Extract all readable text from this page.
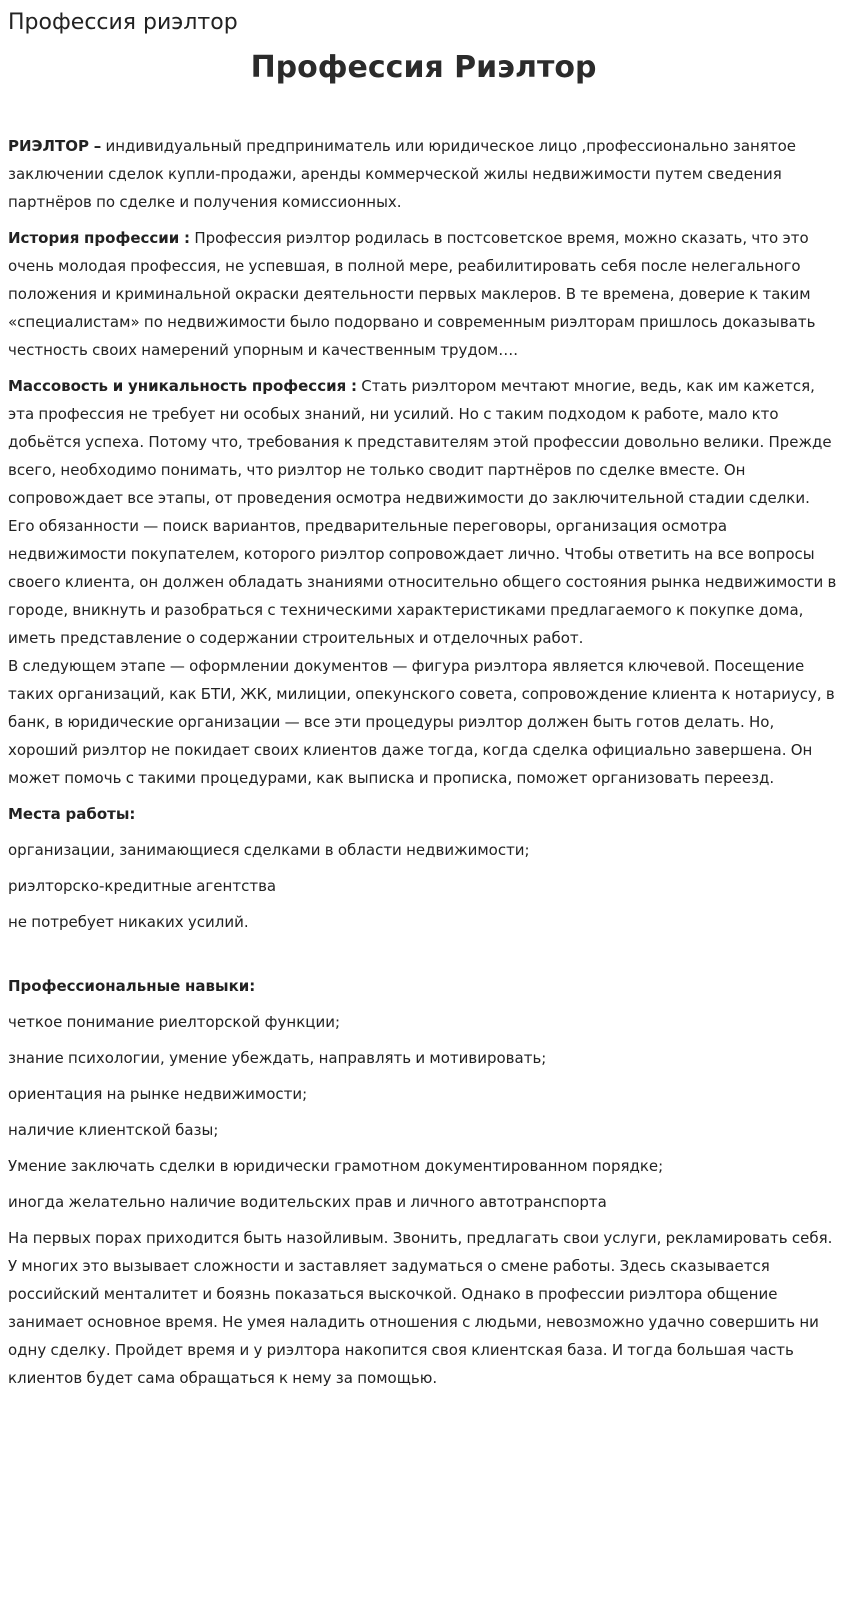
Профессия риэлтор
Профессия Риэлтор

РИЭЛТОР – индивидуальный предприниматель или юридическое лицо ,профессионально занятое заключении сделок купли-продажи, аренды коммерческой жилы недвижимости путем сведения партнёров по сделке и получения комиссионных.

История профессии : Профессия риэлтор родилась в постсоветское время, можно сказать, что это очень молодая профессия, не успевшая, в полной мере, реабилитировать себя после нелегального положения и криминальной окраски деятельности первых маклеров. В те времена, доверие к таким «специалистам» по недвижимости было подорвано и современным риэлторам пришлось доказывать честность своих намерений упорным и качественным трудом….

Массовость и уникальность профессия : Стать риэлтором мечтают многие, ведь, как им кажется, эта профессия не требует ни особых знаний, ни усилий. Но с таким подходом к работе, мало кто добьётся успеха. Потому что, требования к представителям этой профессии довольно велики. Прежде всего, необходимо понимать, что риэлтор не только сводит партнёров по сделке вместе. Он сопровождает все этапы, от проведения осмотра недвижимости до заключительной стадии сделки. Его обязанности — поиск вариантов, предварительные переговоры, организация осмотра недвижимости покупателем, которого риэлтор сопровождает лично. Чтобы ответить на все вопросы своего клиента, он должен обладать знаниями относительно общего состояния рынка недвижимости в городе, вникнуть и разобраться с техническими характеристиками предлагаемого к покупке дома, иметь представление о содержании строительных и отделочных работ.
В следующем этапе — оформлении документов — фигура риэлтора является ключевой. Посещение таких организаций, как БТИ, ЖК, милиции, опекунского совета, сопровождение клиента к нотариусу, в банк, в юридические организации — все эти процедуры риэлтор должен быть готов делать. Но, хороший риэлтор не покидает своих клиентов даже тогда, когда сделка официально завершена. Он может помочь с такими процедурами, как выписка и прописка, поможет организовать переезд.

Места работы:

организации, занимающиеся сделками в области недвижимости;

риэлторско-кредитные агентства

не потребует никаких усилий.

Профессиональные навыки:

четкое понимание риелторской функции;

знание психологии, умение убеждать, направлять и мотивировать;

ориентация на рынке недвижимости;

наличие клиентской базы;

Умение заключать сделки в юридически грамотном документированном порядке;

иногда желательно наличие водительских прав и личного автотранспорта

На первых порах приходится быть назойливым. Звонить, предлагать свои услуги, рекламировать себя. У многих это вызывает сложности и заставляет задуматься о смене работы. Здесь сказывается российский менталитет и боязнь показаться выскочкой. Однако в профессии риэлтора общение занимает основное время. Не умея наладить отношения с людьми, невозможно удачно совершить ни одну сделку. Пройдет время и у риэлтора накопится своя клиентская база. И тогда большая часть клиентов будет сама обращаться к нему за помощью.
